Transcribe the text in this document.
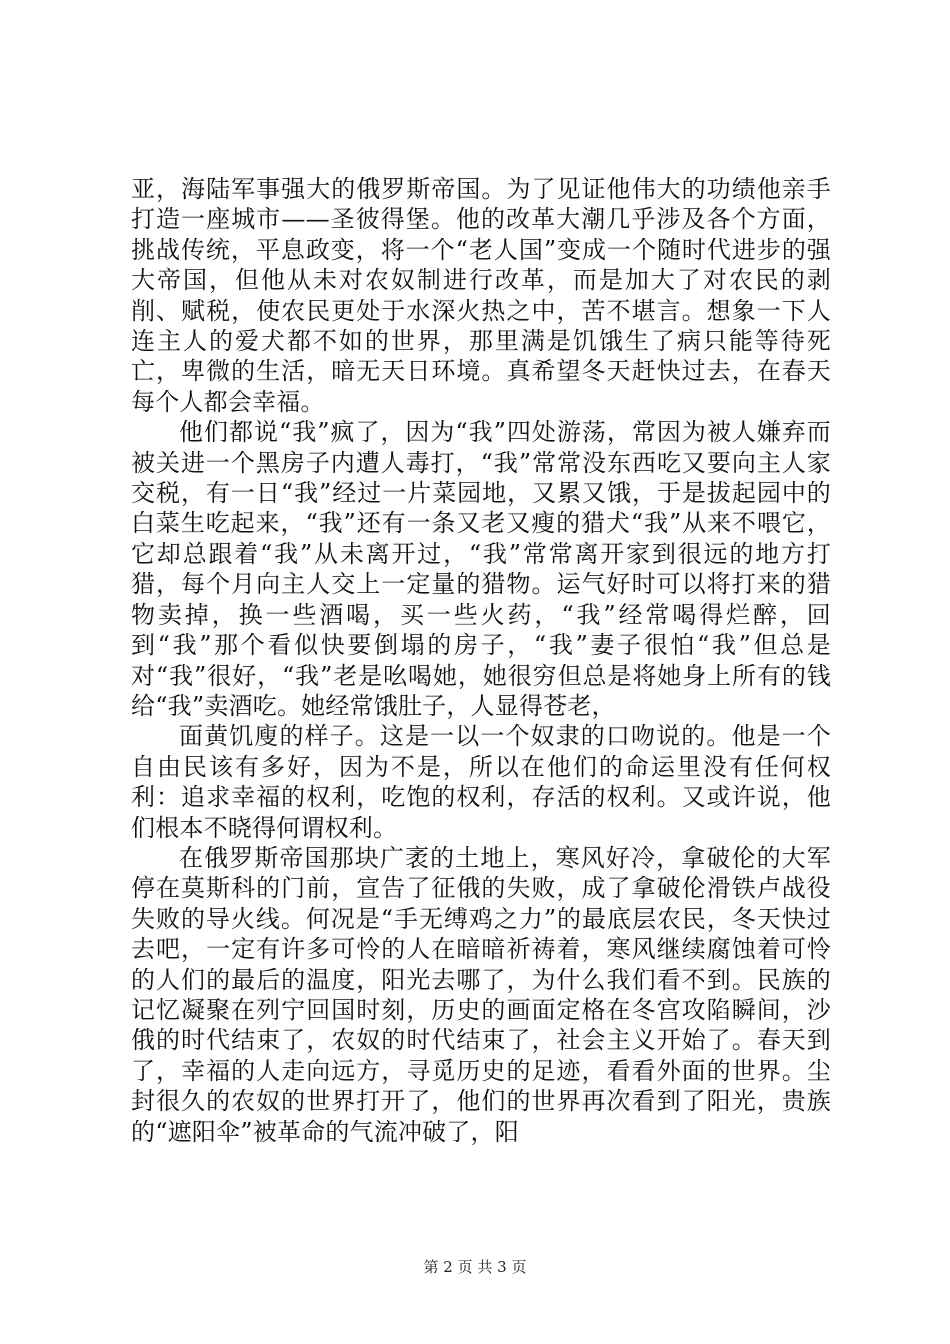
亚，海陆军事强大的俄罗斯帝国。为了见证他伟大的功绩他亲手打造一座城市——圣彼得堡。他的改革大潮几乎涉及各个方面，挑战传统，平息政变，将一个“老人国”变成一个随时代进步的强大帝国，但他从未对农奴制进行改革，而是加大了对农民的剥削、赋税，使农民更处于水深火热之中，苦不堪言。想象一下人连主人的爱犬都不如的世界，那里满是饥饿生了病只能等待死亡，卑微的生活，暗无天日环境。真希望冬天赶快过去，在春天每个人都会幸福。

他们都说“我”疯了，因为“我”四处游荡，常因为被人嫌弃而被关进一个黑房子内遭人毒打，“我”常常没东西吃又要向主人家交税，有一日“我”经过一片菜园地，又累又饿，于是拔起园中的白菜生吃起来，“我”还有一条又老又瘦的猎犬“我”从来不喂它，它却总跟着“我”从未离开过，“我”常常离开家到很远的地方打猎，每个月向主人交上一定量的猎物。运气好时可以将打来的猎物卖掉，换一些酒喝，买一些火药，“我”经常喝得烂醉，回到“我”那个看似快要倒塌的房子，“我”妻子很怕“我”但总是对“我”很好，“我”老是吆喝她，她很穷但总是将她身上所有的钱给“我”卖酒吃。她经常饿肚子，人显得苍老，

面黄饥廋的样子。这是一以一个奴隶的口吻说的。他是一个自由民该有多好，因为不是，所以在他们的命运里没有任何权利：追求幸福的权利，吃饱的权利，存活的权利。又或许说，他们根本不晓得何谓权利。

在俄罗斯帝国那块广袤的土地上，寒风好冷，拿破伦的大军停在莫斯科的门前，宣告了征俄的失败，成了拿破伦滑铁卢战役失败的导火线。何况是“手无缚鸡之力”的最底层农民，冬天快过去吧，一定有许多可怜的人在暗暗祈祷着，寒风继续腐蚀着可怜的人们的最后的温度，阳光去哪了，为什么我们看不到。民族的记忆凝聚在列宁回国时刻，历史的画面定格在冬宫攻陷瞬间，沙俄的时代结束了，农奴的时代结束了，社会主义开始了。春天到了，幸福的人走向远方，寻觅历史的足迹，看看外面的世界。尘封很久的农奴的世界打开了，他们的世界再次看到了阳光，贵族的“遮阳伞”被革命的气流冲破了，阳

第 2 页 共 3 页
